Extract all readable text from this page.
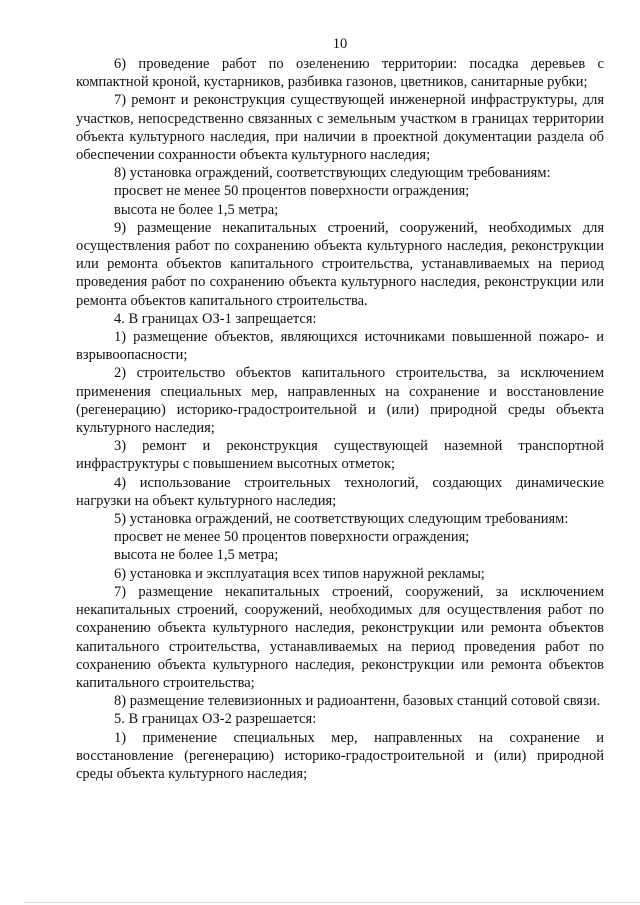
10

6) проведение работ по озеленению территории: посадка деревьев с компактной кроной, кустарников, разбивка газонов, цветников, санитарные рубки;

7) ремонт и реконструкция существующей инженерной инфраструктуры, для участков, непосредственно связанных с земельным участком в границах территории объекта культурного наследия, при наличии в проектной документации раздела об обеспечении сохранности объекта культурного наследия;

8) установка ограждений, соответствующих следующим требованиям:

просвет не менее 50 процентов поверхности ограждения;

высота не более 1,5 метра;

9) размещение некапитальных строений, сооружений, необходимых для осуществления работ по сохранению объекта культурного наследия, реконструкции или ремонта объектов капитального строительства, устанавливаемых на период проведения работ по сохранению объекта культурного наследия, реконструкции или ремонта объектов капитального строительства.

4. В границах ОЗ-1 запрещается:

1) размещение объектов, являющихся источниками повышенной пожаро- и взрывоопасности;

2) строительство объектов капитального строительства, за исключением применения специальных мер, направленных на сохранение и восстановление (регенерацию) историко-градостроительной и (или) природной среды объекта культурного наследия;

3) ремонт и реконструкция существующей наземной транспортной инфраструктуры с повышением высотных отметок;

4) использование строительных технологий, создающих динамические нагрузки на объект культурного наследия;

5) установка ограждений, не соответствующих следующим требованиям:

просвет не менее 50 процентов поверхности ограждения;

высота не более 1,5 метра;

6) установка и эксплуатация всех типов наружной рекламы;

7) размещение некапитальных строений, сооружений, за исключением некапитальных строений, сооружений, необходимых для осуществления работ по сохранению объекта культурного наследия, реконструкции или ремонта объектов капитального строительства, устанавливаемых на период проведения работ по сохранению объекта культурного наследия, реконструкции или ремонта объектов капитального строительства;

8) размещение телевизионных и радиоантенн, базовых станций сотовой связи.

5. В границах ОЗ-2 разрешается:

1) применение специальных мер, направленных на сохранение и восстановление (регенерацию) историко-градостроительной и (или) природной среды объекта культурного наследия;
